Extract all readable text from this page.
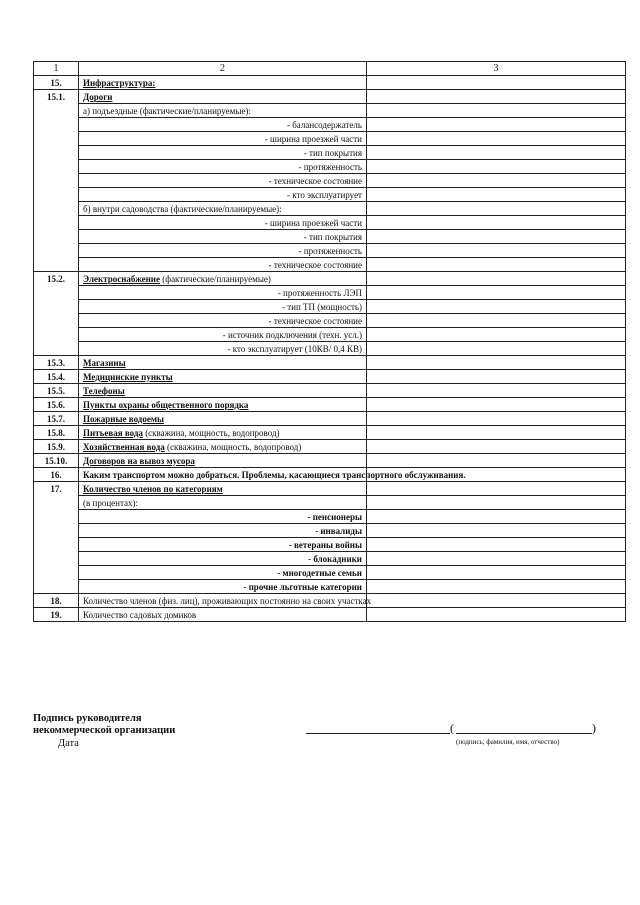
1	2	3
15.	Инфраструктура:	
15.1.	Дороги	
	а) подъездные (фактические/планируемые):	
	- балансодержатель	
	- ширина проезжей части	
	- тип покрытия	
	- протяженность	
	- техническое состояние	
	- кто эксплуатирует	
	б) внутри садоводства (фактические/планируемые):	
	- ширина проезжей части	
	- тип покрытия	
	- протяженность	
	- техническое состояние	
15.2.	Электроснабжение (фактические/планируемые)	
	- протяженность ЛЭП	
	- тип ТП (мощность)	
	- техническое состояние	
	- источник подключения (техн. усл.)	
	- кто эксплуатирует (10КВ/ 0,4 КВ)	
15.3.	Магазины	
15.4.	Медицинские пункты	
15.5.	Телефоны	
15.6.	Пункты охраны общественного порядка	
15.7.	Пожарные водоемы	
15.8.	Питьевая вода (скважина, мощность, водопровод)	
15.9.	Хозяйственная вода (скважина, мощность, водопровод)	
15.10.	Договоров на вывоз мусора	
16.	Каким транспортом можно добраться. Проблемы, касающиеся транспортного обслуживания.	
17.	Количество членов по категориям	
	(в процентах):	
	- пенсионеры	
	- инвалиды	
	- ветераны войны	
	- блокадники	
	- многодетные семьи	
	- прочие льготные категории	
18.	Количество членов (физ. лиц), проживающих постоянно на своих участках	
19.	Количество садовых домиков	
Подпись руководителя
некоммерческой организации
Дата
(	)
(подпись, фамилия, имя, отчество)
